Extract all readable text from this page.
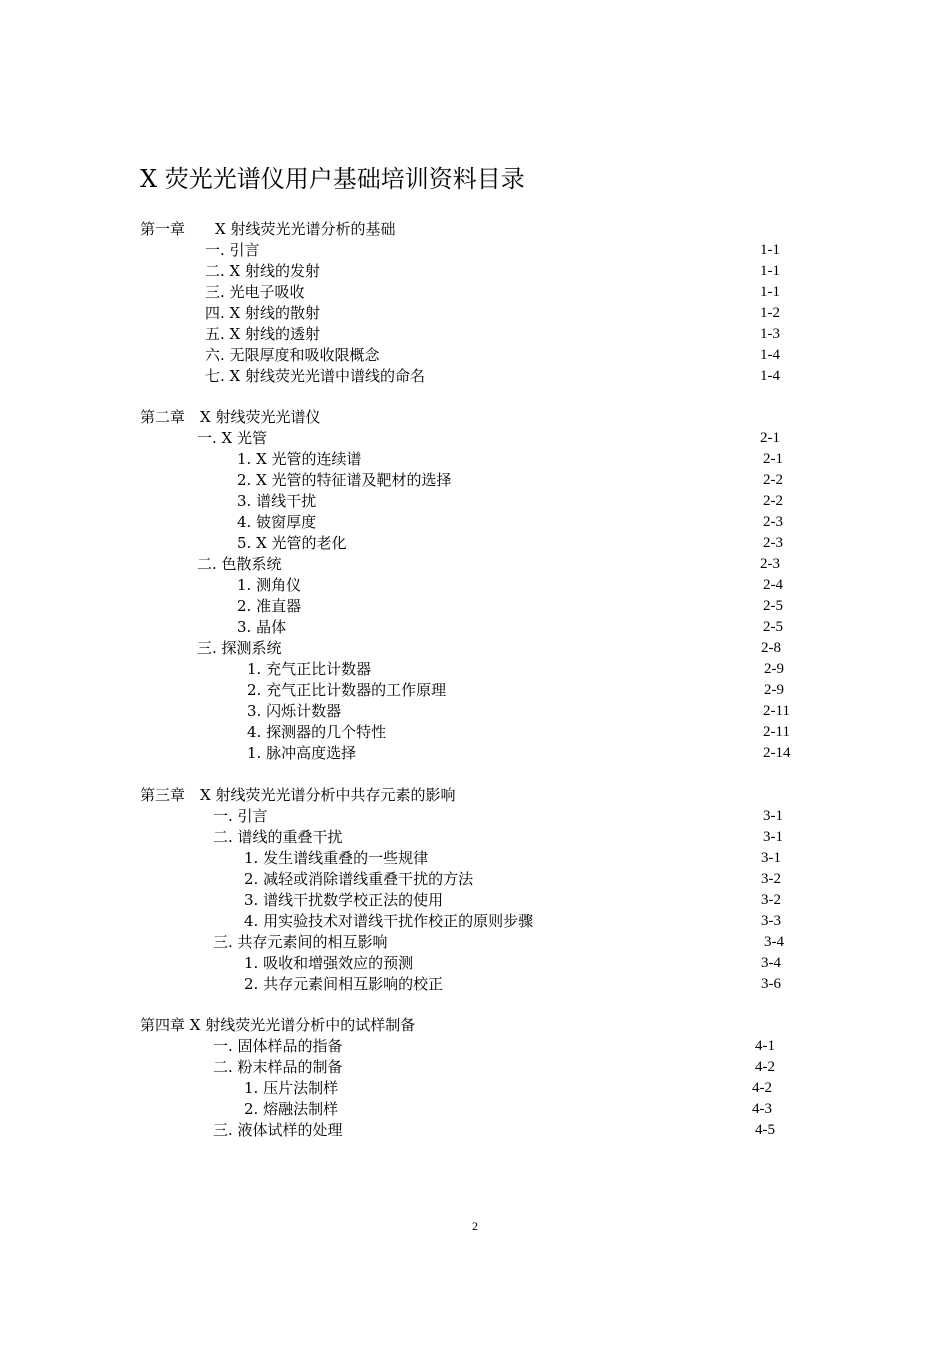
X 荧光光谱仪用户基础培训资料目录
第一章　　X 射线荧光光谱分析的基础
一. 引言	1-1
二. X 射线的发射	1-1
三. 光电子吸收	1-1
四. X 射线的散射	1-2
五. X 射线的透射	1-3
六. 无限厚度和吸收限概念	1-4
七. X 射线荧光光谱中谱线的命名	1-4
第二章　X 射线荧光光谱仪
一. X 光管	2-1
1. X 光管的连续谱	2-1
2. X 光管的特征谱及靶材的选择	2-2
3. 谱线干扰	2-2
4. 铍窗厚度	2-3
5. X 光管的老化	2-3
二. 色散系统	2-3
1. 测角仪	2-4
2. 准直器	2-5
3. 晶体	2-5
三. 探测系统	2-8
1. 充气正比计数器	2-9
2. 充气正比计数器的工作原理	2-9
3. 闪烁计数器	2-11
4. 探测器的几个特性	2-11
1. 脉冲高度选择	2-14
第三章　X 射线荧光光谱分析中共存元素的影响
一. 引言	3-1
二. 谱线的重叠干扰	3-1
1. 发生谱线重叠的一些规律	3-1
2. 减轻或消除谱线重叠干扰的方法	3-2
3. 谱线干扰数学校正法的使用	3-2
4. 用实验技术对谱线干扰作校正的原则步骤	3-3
三. 共存元素间的相互影响	3-4
1. 吸收和增强效应的预测	3-4
2. 共存元素间相互影响的校正	3-6
第四章 X 射线荧光光谱分析中的试样制备
一. 固体样品的指备	4-1
二. 粉末样品的制备	4-2
1. 压片法制样	4-2
2. 熔融法制样	4-3
三. 液体试样的处理	4-5
2
